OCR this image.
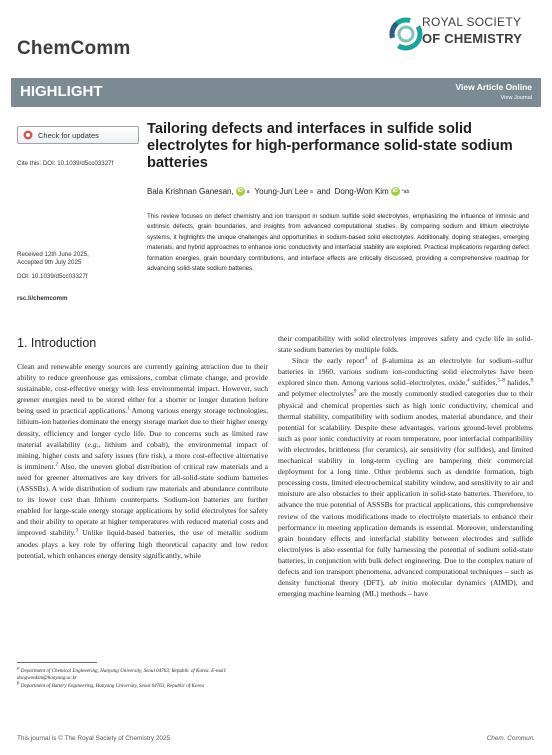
ChemComm
ROYAL SOCIETY
OF CHEMISTRY
HIGHLIGHT	View Article Online
View Journal
Check for updates
Cite this: DOI: 10.1039/d5cc03327f
Received 12th June 2025,
Accepted 9th July 2025
DOI: 10.1039/d5cc03327f
rsc.li/chemcomm
Tailoring defects and interfaces in sulfide solid electrolytes for high-performance solid-state sodium batteries
Bala Krishnan Ganesan, iD a Young-Jun Lee a and Dong-Won Kim iD *ab
This review focuses on defect chemistry and ion transport in sodium sulfide solid electrolytes, emphasizing the influence of intrinsic and extrinsic defects, grain boundaries, and insights from advanced computational studies. By comparing sodium and lithium electrolyte systems, it highlights the unique challenges and opportunities in sodium-based solid electrolytes. Additionally, doping strategies, emerging materials, and hybrid approaches to enhance ionic conductivity and interfacial stability are explored. Practical implications regarding defect formation energies, grain boundary contributions, and interface effects are critically discussed, providing a comprehensive roadmap for advancing solid-state sodium batteries.
1. Introduction
Clean and renewable energy sources are currently gaining attraction due to their ability to reduce greenhouse gas emissions, combat climate change, and provide sustainable, cost-effective energy with less environmental impact. However, such greener energies need to be stored either for a shorter or longer duration before being used in practical applications.$^1$ Among various energy storage technologies, lithium-ion batteries dominate the energy storage market due to their higher energy density, efficiency and longer cycle life. Due to concerns such as limited raw material availability (e.g., lithium and cobalt), the environmental impact of mining, higher costs and safety issues (fire risk), a more cost-effective alternative is imminent.$^2$ Also, the uneven global distribution of critical raw materials and a need for greener alternatives are key drivers for all-solid-state sodium batteries (ASSSBs). A wide distribution of sodium raw materials and abundance contribute to its lower cost than lithium counterparts. Sodium-ion batteries are further enabled for large-scale energy storage applications by solid electrolytes for safety and their ability to operate at higher temperatures with reduced material costs and improved stability.$^3$ Unlike liquid-based batteries, the use of metallic sodium anodes plays a key role by offering high theoretical capacity and low redox potential, which enhances energy density significantly, while
their compatibility with solid electrolytes improves safety and cycle life in solid-state sodium batteries by multiple folds.
Since the early report$^4$ of β-alumina as an electrolyte for sodium–sulfur batteries in 1960, various sodium ion-conducting solid electrolytes have been explored since then. Among various solid–electrolytes, oxide,$^4$ sulfides,$^{5-8}$ halides,$^8$ and polymer electrolytes$^9$ are the mostly commonly studied categories due to their physical and chemical properties such as high ionic conductivity, chemical and thermal stability, compatibility with sodium anodes, material abundance, and their potential for scalability. Despite these advantages, various ground-level problems such as poor ionic conductivity at room temperature, poor interfacial compatibility with electrodes, brittleness (for ceramics), air sensitivity (for sulfides), and limited mechanical stability in long-term cycling are hampering their commercial deployment for a long time. Other problems such as dendrite formation, high processing costs, limited electrochemical stability window, and sensitivity to air and moisture are also obstacles to their application in solid-state batteries. Therefore, to advance the true potential of ASSSBs for practical applications, this comprehensive review of the various modifications made to electrolyte materials to enhance their performance in meeting application demands is essential. Moreover, understanding grain boundary effects and interfacial stability between electrodes and sulfide electrolytes is also essential for fully harnessing the potential of sodium solid-state batteries, in conjunction with bulk defect engineering. Due to the complex nature of defects and ion transport phenomena, advanced computational techniques – such as density functional theory (DFT), ab initio molecular dynamics (AIMD), and emerging machine learning (ML) methods – have
$^a$ Department of Chemical Engineering, Hanyang University, Seoul 04763, Republic of Korea. E-mail: dongwonkim@hanyang.ac.kr
$^b$ Department of Battery Engineering, Hanyang University, Seoul 04763, Republic of Korea
This journal is © The Royal Society of Chemistry 2025	Chem. Commun.
